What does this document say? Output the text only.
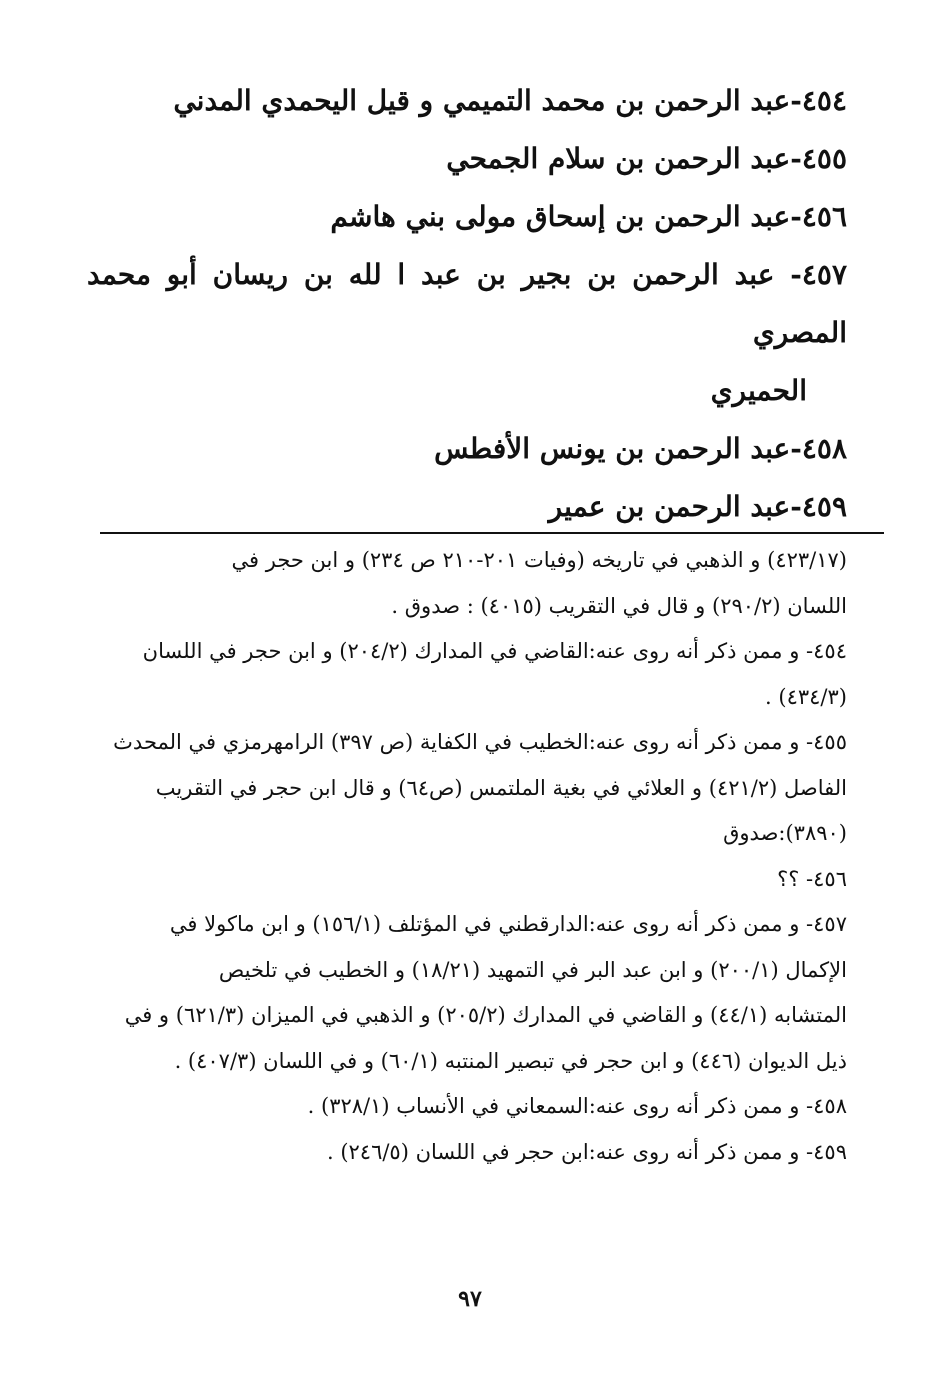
٤٥٤-عبد الرحمن بن محمد التميمي و قيل اليحمدي المدني
٤٥٥-عبد الرحمن بن سلام الجمحي
٤٥٦-عبد الرحمن بن إسحاق مولى بني هاشم
٤٥٧- عبد الرحمن بن بجير بن عبد ا لله بن ريسان أبو محمد المصري
الحميري
٤٥٨-عبد الرحمن بن يونس الأفطس
٤٥٩-عبد الرحمن بن عمير

(٤٢٣/١٧) و الذهبي في تاريخه (وفيات ٢٠١-٢١٠ ص ٢٣٤) و ابن حجر في

اللسان (٢٩٠/٢) و قال في التقريب (٤٠١٥) : صدوق .

٤٥٤- و ممن ذكر أنه روى عنه:القاضي في المدارك (٢٠٤/٢) و ابن حجر في اللسان

(٤٣٤/٣) .

٤٥٥- و ممن ذكر أنه روى عنه:الخطيب في الكفاية (ص ٣٩٧) الرامهرمزي في المحدث

الفاصل (٤٢١/٢) و العلائي في بغية الملتمس (ص٦٤) و قال ابن حجر في التقريب

(٣٨٩٠):صدوق

٤٥٦- ؟؟

٤٥٧- و ممن ذكر أنه روى عنه:الدارقطني في المؤتلف (١٥٦/١) و ابن ماكولا في

الإكمال (٢٠٠/١) و ابن عبد البر في التمهيد (١٨/٢١) و الخطيب في تلخيص

المتشابه (٤٤/١) و القاضي في المدارك (٢٠٥/٢) و الذهبي في الميزان (٦٢١/٣) و في

ذيل الديوان (٤٤٦) و ابن حجر في تبصير المنتبه (٦٠/١) و في اللسان (٤٠٧/٣) .

٤٥٨- و ممن ذكر أنه روى عنه:السمعاني في الأنساب (٣٢٨/١) .

٤٥٩- و ممن ذكر أنه روى عنه:ابن حجر في اللسان (٢٤٦/٥) .

٩٧
